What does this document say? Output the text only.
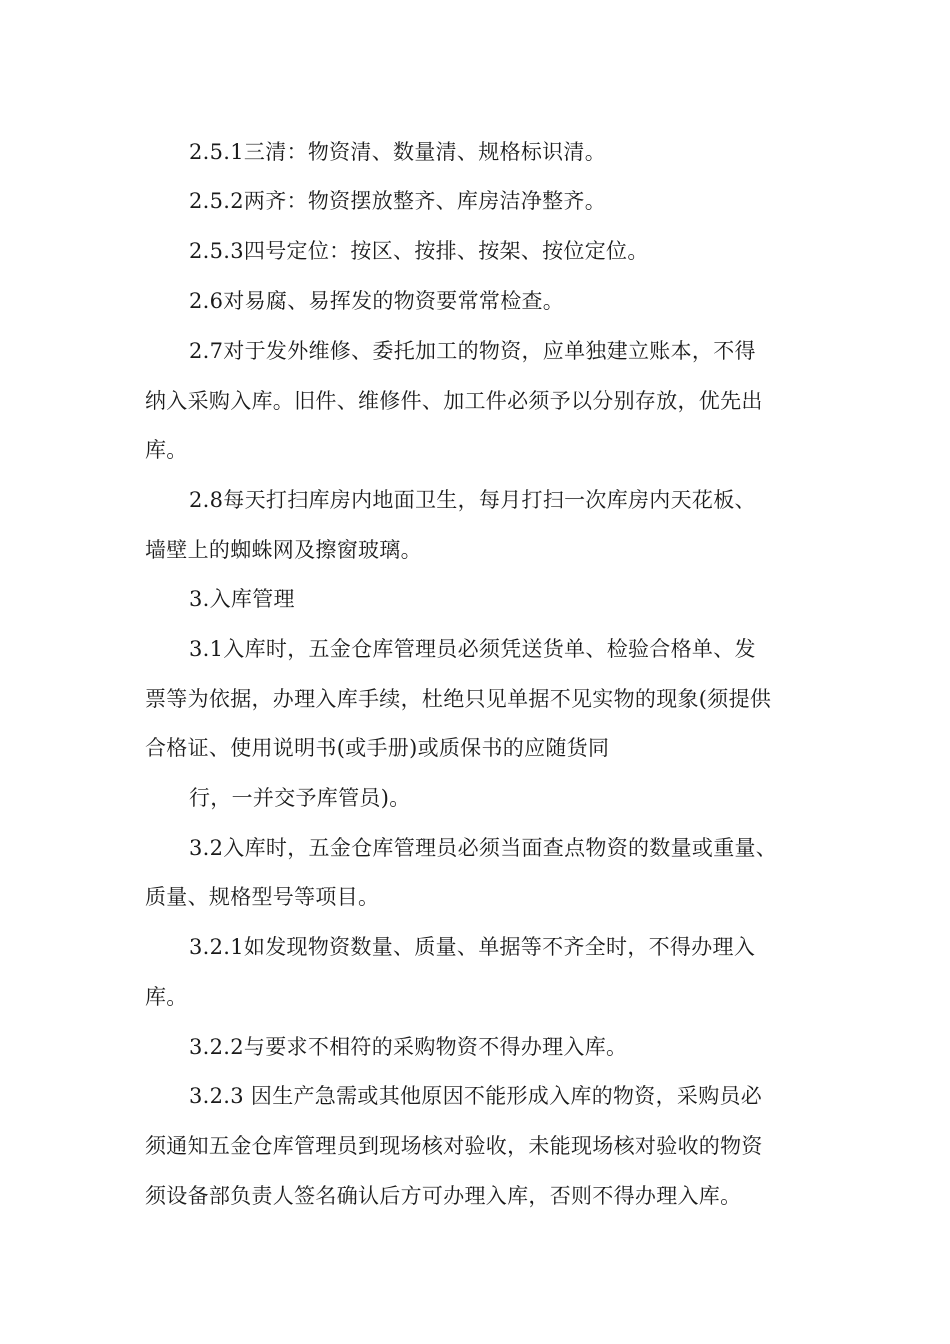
2.5.1三清：物资清、数量清、规格标识清。
2.5.2两齐：物资摆放整齐、库房洁净整齐。
2.5.3四号定位：按区、按排、按架、按位定位。
2.6对易腐、易挥发的物资要常常检查。
2.7对于发外维修、委托加工的物资，应单独建立账本，不得
纳入采购入库。旧件、维修件、加工件必须予以分别存放，优先出
库。
2.8每天打扫库房内地面卫生，每月打扫一次库房内天花板、
墙壁上的蜘蛛网及擦窗玻璃。
3.入库管理
3.1入库时，五金仓库管理员必须凭送货单、检验合格单、发
票等为依据，办理入库手续，杜绝只见单据不见实物的现象(须提供
合格证、使用说明书(或手册)或质保书的应随货同
行，一并交予库管员)。
3.2入库时，五金仓库管理员必须当面查点物资的数量或重量、
质量、规格型号等项目。
3.2.1如发现物资数量、质量、单据等不齐全时，不得办理入
库。
3.2.2与要求不相符的采购物资不得办理入库。
3.2.3 因生产急需或其他原因不能形成入库的物资，采购员必
须通知五金仓库管理员到现场核对验收，未能现场核对验收的物资
须设备部负责人签名确认后方可办理入库，否则不得办理入库。
